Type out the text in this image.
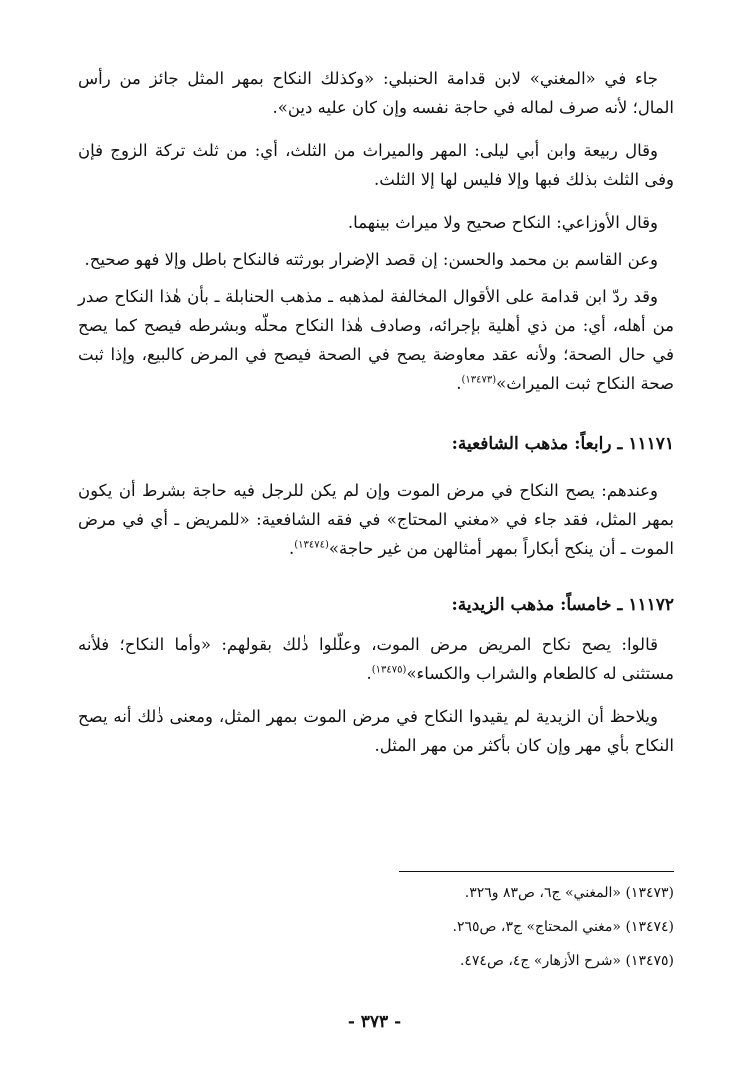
جاء في «المغني» لابن قدامة الحنبلي: «وكذلك النكاح بمهر المثل جائز من رأس المال؛ لأنه صرف لماله في حاجة نفسه وإن كان عليه دين».

وقال ربيعة وابن أبي ليلى: المهر والميراث من الثلث، أي: من ثلث تركة الزوج فإن وفى الثلث بذلك فبها وإلا فليس لها إلا الثلث.

وقال الأوزاعي: النكاح صحيح ولا ميراث بينهما.

وعن القاسم بن محمد والحسن: إن قصد الإضرار بورثته فالنكاح باطل وإلا فهو صحيح.

وقد ردّ ابن قدامة على الأقوال المخالفة لمذهبه ـ مذهب الحنابلة ـ بأن هٰذا النكاح صدر من أهله، أي: من ذي أهلية بإجرائه، وصادف هٰذا النكاح محلّه وبشرطه فيصح كما يصح في حال الصحة؛ ولأنه عقد معاوضة يصح في الصحة فيصح في المرض كالبيع، وإذا ثبت صحة النكاح ثبت الميراث»$^{(١٣٤٧٣)}$.

١١١٧١ ـ رابعاً: مذهب الشافعية:

وعندهم: يصح النكاح في مرض الموت وإن لم يكن للرجل فيه حاجة بشرط أن يكون بمهر المثل، فقد جاء في «مغني المحتاج» في فقه الشافعية: «للمريض ـ أي في مرض الموت ـ أن ينكح أبكاراً بمهر أمثالهن من غير حاجة»$^{(١٣٤٧٤)}$.

١١١٧٢ ـ خامساً: مذهب الزيدية:

قالوا: يصح نكاح المريض مرض الموت، وعلّلوا ذٰلك بقولهم: «وأما النكاح؛ فلأنه مستثنى له كالطعام والشراب والكساء»$^{(١٣٤٧٥)}$.

ويلاحظ أن الزيدية لم يقيدوا النكاح في مرض الموت بمهر المثل، ومعنى ذٰلك أنه يصح النكاح بأي مهر وإن كان بأكثر من مهر المثل.

(١٣٤٧٣) «المغني» ج٦، ص٨٣ و٣٢٦.
(١٣٤٧٤) «مغني المحتاج» ج٣، ص٢٦٥.
(١٣٤٧٥) «شرح الأزهار» ج٤، ص٤٧٤.
- ٣٧٣ -
